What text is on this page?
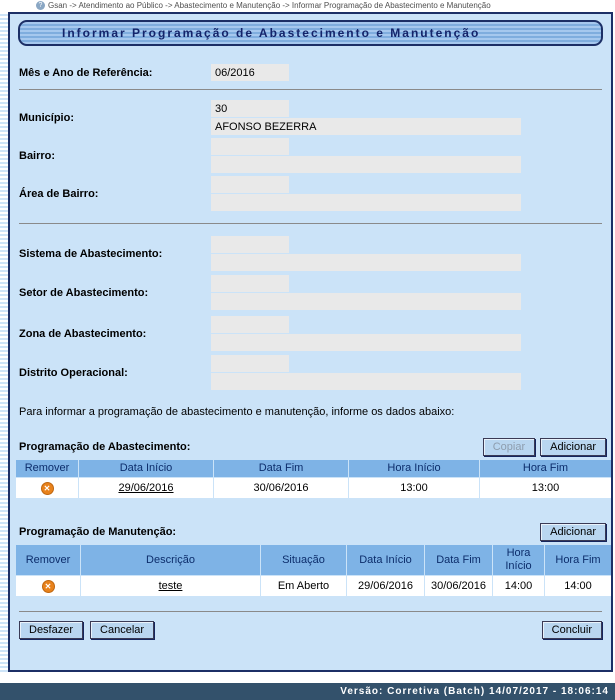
?
Gsan -> Atendimento ao Público -> Abastecimento e Manutenção -> Informar Programação de Abastecimento e Manutenção
Informar Programação de Abastecimento e Manutenção
Mês e Ano de Referência:
06/2016
Município:
30
AFONSO BEZERRA
Bairro:
Área de Bairro:
Sistema de Abastecimento:
Setor de Abastecimento:
Zona de Abastecimento:
Distrito Operacional:
Para informar a programação de abastecimento e manutenção, informe os dados abaixo:
Programação de Abastecimento:	Copiar	Adicionar
Remover	Data Início	Data Fim	Hora Início	Hora Fim
✕	29/06/2016	30/06/2016	13:00	13:00
Programação de Manutenção:	Adicionar
Remover	Descrição	Situação	Data Início	Data Fim	Hora Início	Hora Fim
✕	teste	Em Aberto	29/06/2016	30/06/2016	14:00	14:00
Desfazer	Cancelar	Concluir
Versão: Corretiva (Batch) 14/07/2017 - 18:06:14
